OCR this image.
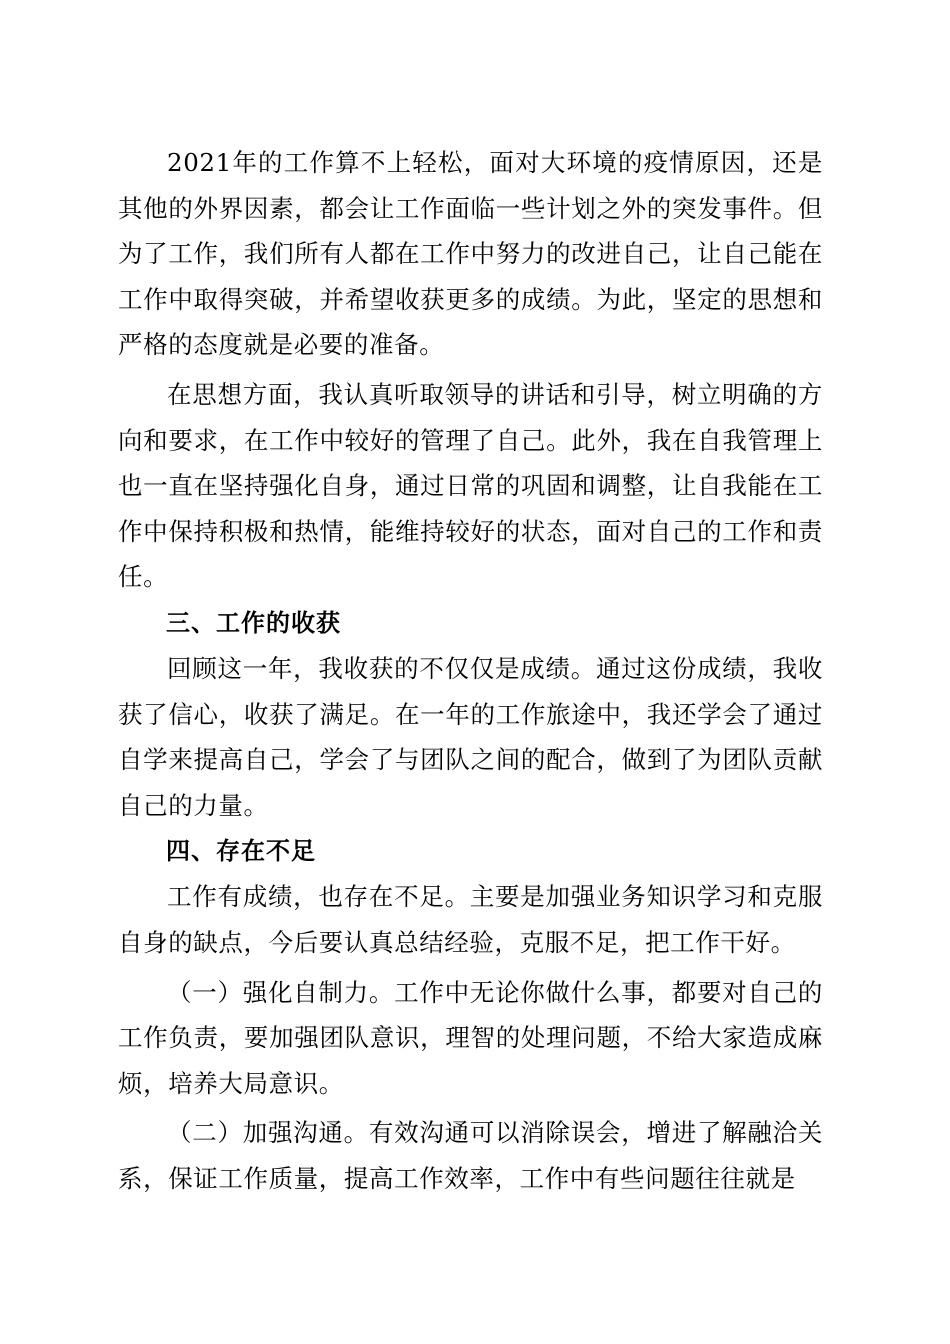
2021年的工作算不上轻松，面对大环境的疫情原因，还是其他的外界因素，都会让工作面临一些计划之外的突发事件。但为了工作，我们所有人都在工作中努力的改进自己，让自己能在工作中取得突破，并希望收获更多的成绩。为此，坚定的思想和严格的态度就是必要的准备。

在思想方面，我认真听取领导的讲话和引导，树立明确的方向和要求，在工作中较好的管理了自己。此外，我在自我管理上也一直在坚持强化自身，通过日常的巩固和调整，让自我能在工作中保持积极和热情，能维持较好的状态，面对自己的工作和责任。

三、工作的收获

回顾这一年，我收获的不仅仅是成绩。通过这份成绩，我收获了信心，收获了满足。在一年的工作旅途中，我还学会了通过自学来提高自己，学会了与团队之间的配合，做到了为团队贡献自己的力量。

四、存在不足

工作有成绩，也存在不足。主要是加强业务知识学习和克服自身的缺点，今后要认真总结经验，克服不足，把工作干好。

（一）强化自制力。工作中无论你做什么事，都要对自己的工作负责，要加强团队意识，理智的处理问题，不给大家造成麻烦，培养大局意识。

（二）加强沟通。有效沟通可以消除误会，增进了解融洽关系，保证工作质量，提高工作效率，工作中有些问题往往就是
